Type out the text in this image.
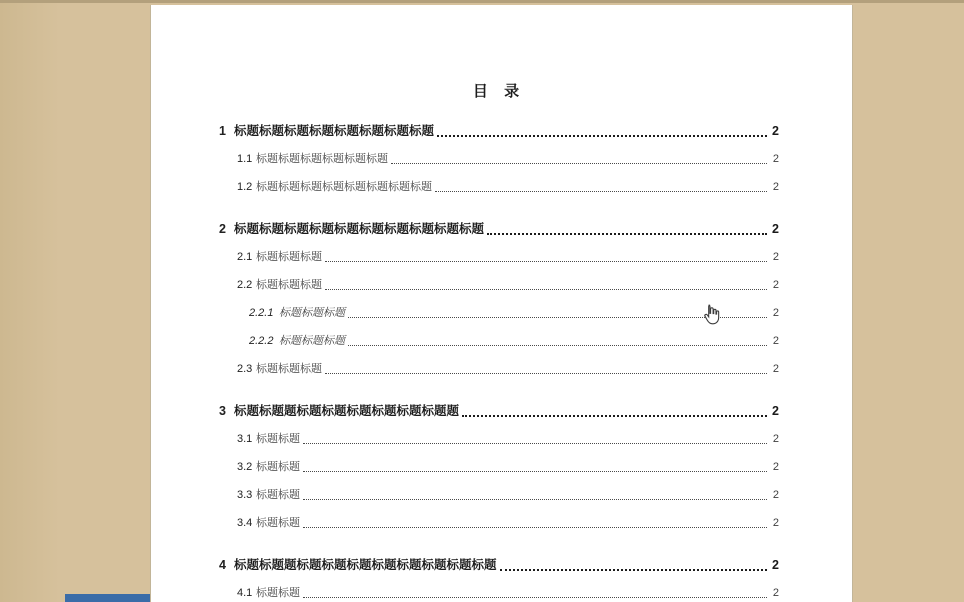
目 录
1 标题标题标题标题标题标题标题标题	2
1.1 标题标题标题标题标题标题	2
1.2 标题标题标题标题标题标题标题标题	2
2 标题标题标题标题标题标题标题标题标题标题	2
2.1 标题标题标题	2
2.2 标题标题标题	2
2.2.1 标题标题标题	2
2.2.2 标题标题标题	2
2.3 标题标题标题	2
3 标题标题题标题标题标题标题标题标题题	2
3.1 标题标题	2
3.2 标题标题	2
3.3 标题标题	2
3.4 标题标题	2
4 标题标题题标题标题标题标题标题标题标题标题	2
4.1 标题标题	2
